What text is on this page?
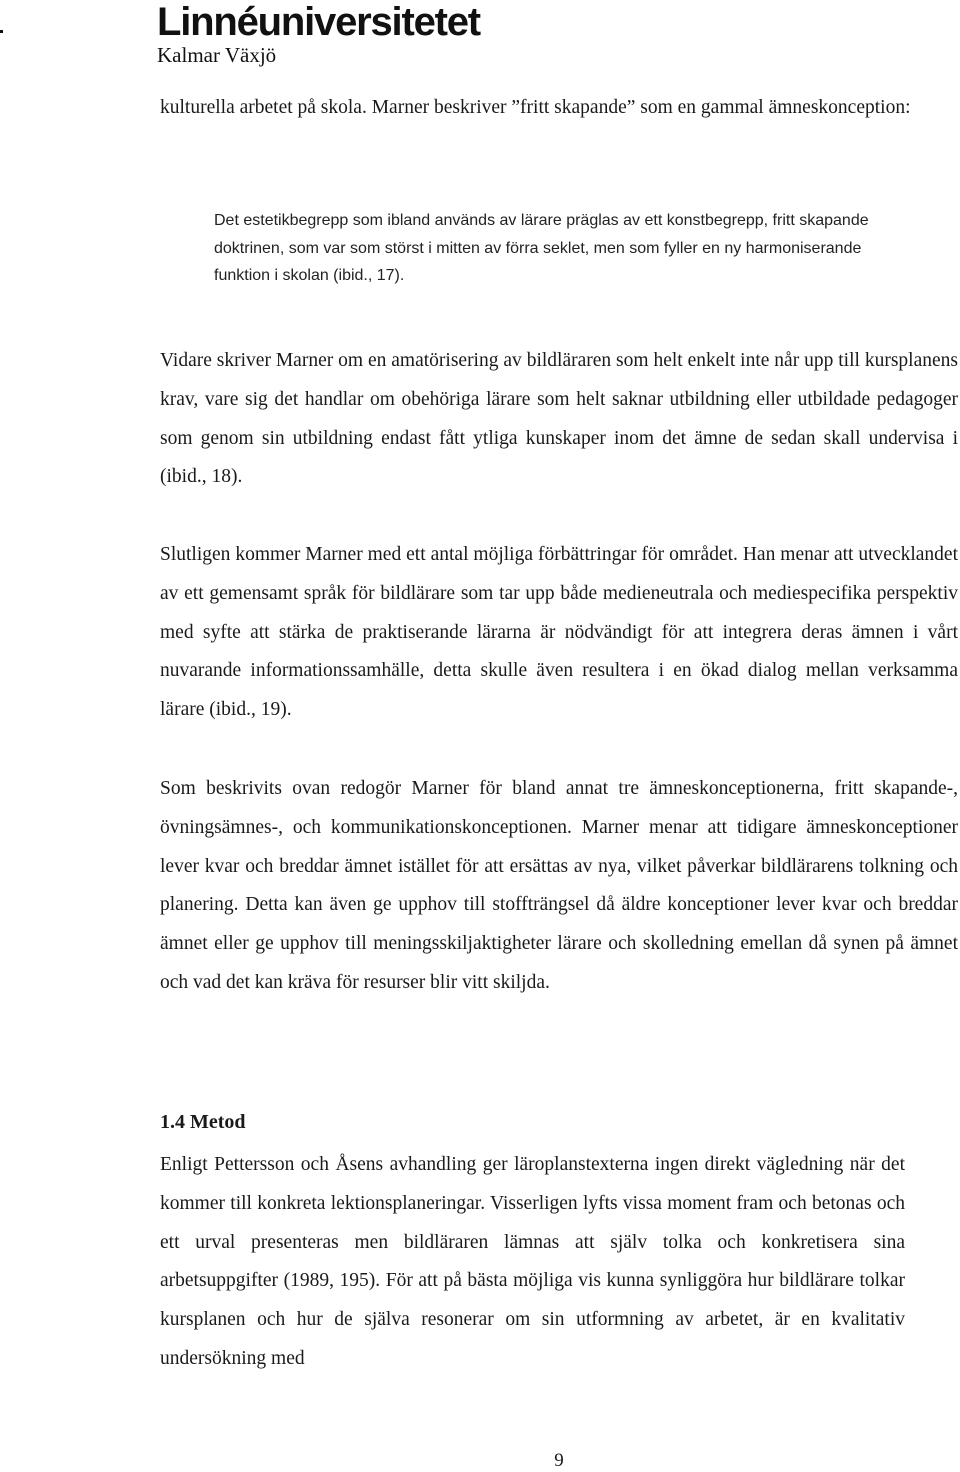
Linnéuniversitetet
Kalmar Växjö

kulturella arbetet på skola. Marner beskriver ”fritt skapande” som en gammal ämneskonception:

Det estetikbegrepp som ibland används av lärare präglas av ett konstbegrepp, fritt skapande doktrinen, som var som störst i mitten av förra seklet, men som fyller en ny harmoniserande funktion i skolan (ibid., 17).

Vidare skriver Marner om en amatörisering av bildläraren som helt enkelt inte når upp till kursplanens krav, vare sig det handlar om obehöriga lärare som helt saknar utbildning eller utbildade pedagoger som genom sin utbildning endast fått ytliga kunskaper inom det ämne de sedan skall undervisa i (ibid., 18).

Slutligen kommer Marner med ett antal möjliga förbättringar för området. Han menar att utvecklandet av ett gemensamt språk för bildlärare som tar upp både medieneutrala och mediespecifika perspektiv med syfte att stärka de praktiserande lärarna är nödvändigt för att integrera deras ämnen i vårt nuvarande informationssamhälle, detta skulle även resultera i en ökad dialog mellan verksamma lärare (ibid., 19).

Som beskrivits ovan redogör Marner för bland annat tre ämneskonceptionerna, fritt skapande-, övningsämnes-, och kommunikationskonceptionen. Marner menar att tidigare ämneskonceptioner lever kvar och breddar ämnet istället för att ersättas av nya, vilket påverkar bildlärarens tolkning och planering. Detta kan även ge upphov till stoffträngsel då äldre konceptioner lever kvar och breddar ämnet eller ge upphov till meningsskiljaktigheter lärare och skolledning emellan då synen på ämnet och vad det kan kräva för resurser blir vitt skiljda.

1.4 Metod

Enligt Pettersson och Åsens avhandling ger läroplanstexterna ingen direkt vägledning när det kommer till konkreta lektionsplaneringar. Visserligen lyfts vissa moment fram och betonas och ett urval presenteras men bildläraren lämnas att själv tolka och konkretisera sina arbetsuppgifter (1989, 195). För att på bästa möjliga vis kunna synliggöra hur bildlärare tolkar kursplanen och hur de själva resonerar om sin utformning av arbetet, är en kvalitativ undersökning med

9
